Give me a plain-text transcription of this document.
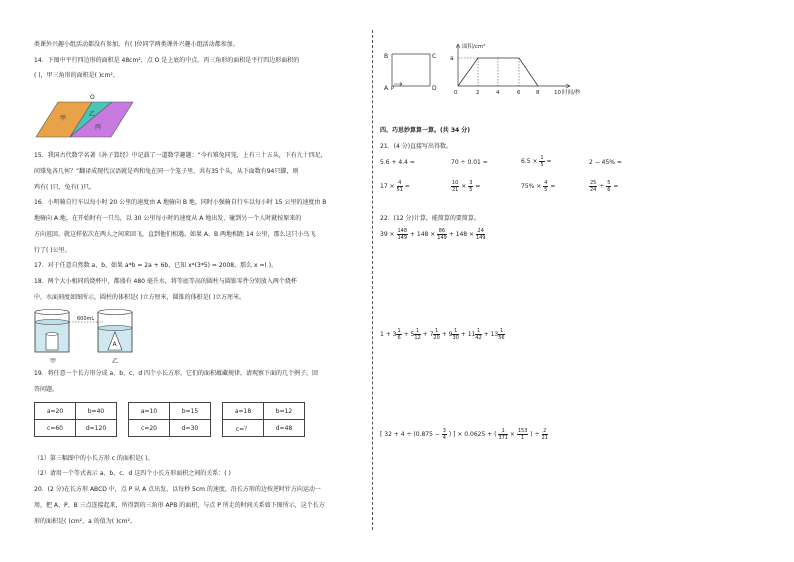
类课外兴趣小组活动都没有参加，有( )位同学两类课外兴趣小组活动都参加。
14．下图中平行四边形的面积是 48cm²，点 O 是上底的中点。丙三角形的面积是平行四边形面积的
( )，甲三角形的面积是( )cm²。
O
甲
乙
丙
15．我国古代数学名著《孙子算经》中记载了一道数学趣题：“今有雉兔同笼，上有三十五头，下有九十四足，
问雉兔各几何？”翻译成现代汉语就是鸡和兔在同一个笼子里，共有35个头，从下面数有94只脚，则
鸡有( )只，兔有( )只。
16．小明骑自行车以每小时 20 公里的速度由 A 地骑向 B 地，同时小强骑自行车以每小时 15 公里的速度由 B
地骑向 A 地，在开始时有一只鸟，以 30 公里每小时的速度从 A 地出发，碰到另一个人时就按原来的
方向返回，就这样依次在两人之间来回飞，直到他们相遇。如果 A、B 两地相距 14 公里，那么这只小鸟飞
行了( )公里。
17．对于任意自然数 a、b，如果 a*b = 2a + 6b，已知 x*(3*5) = 2008，那么 x =( )。
18．两个大小相同的烧杯中，都盛有 480 毫升水，将等底等高的圆柱与圆锥零件分别放入两个烧杯
中，水面刻度如图所示，圆柱的体积是( )立方厘米，圆锥的体积是( )立方厘米。
600mL
A
甲	乙
19．将任意一个长方形分成 a、b、c、d 四个小长方形，它们的面积蕴藏规律，请观察下面的几个例子，回
答问题。
a=20	b=40
c=60	d=120
a=10	b=15
c=20	d=30
a=18	b=12
c=？	d=48
（1）第三幅图中的小长方形 c 的面积是( )。
（2）请用一个等式表示 a、b、c、d 这四个小长方形面积之间的关系：( )
20．(2 分)在长方形 ABCD 中，点 P 从 A 点出发，以每秒 5cm 的速度，沿长方形的边按逆时针方向运动一
周，把 A、P、B 三点连接起来，所得到的三角形 APB 的面积，与点 P 所走的时间关系如下图所示，这个长方
形的面积是( )cm²，a 的值为( )cm²。
B	C
A P	D
面积/cm²
a
0	2	4	6	8	10 时间/秒
四、巧思妙算算一算。(共 34 分)
21．(4 分)直接写出得数。
5.6 + 4.4 =	70 ÷ 0.01 =	$6.5 \times \frac{1}{5}$ =	2 − 45% =
$17 \times \frac{4}{51}$ =	$\frac{10}{21} \times \frac{3}{5}$ =	$75\% \times \frac{4}{5}$ =	$\frac{25}{24} \div \frac{5}{6}$ =
22．(12 分)计算，能简算的要简算。
$39 \times \frac{148}{149} + 148 \times \frac{86}{149} + 148 \times \frac{24}{149}$
$1 + 3 \frac{1}{6} + 5 \frac{1}{12} + 7 \frac{1}{20} + 9 \frac{1}{30} + 11 \frac{1}{42} + 13 \frac{1}{56}$
[ $32 + 4 \div (0.875 - \frac{3}{4}$ ) ] × 0.0625 + ( $\frac{1}{371} \times \frac{153}{1}$ ) ÷ $\frac{2}{21}$
